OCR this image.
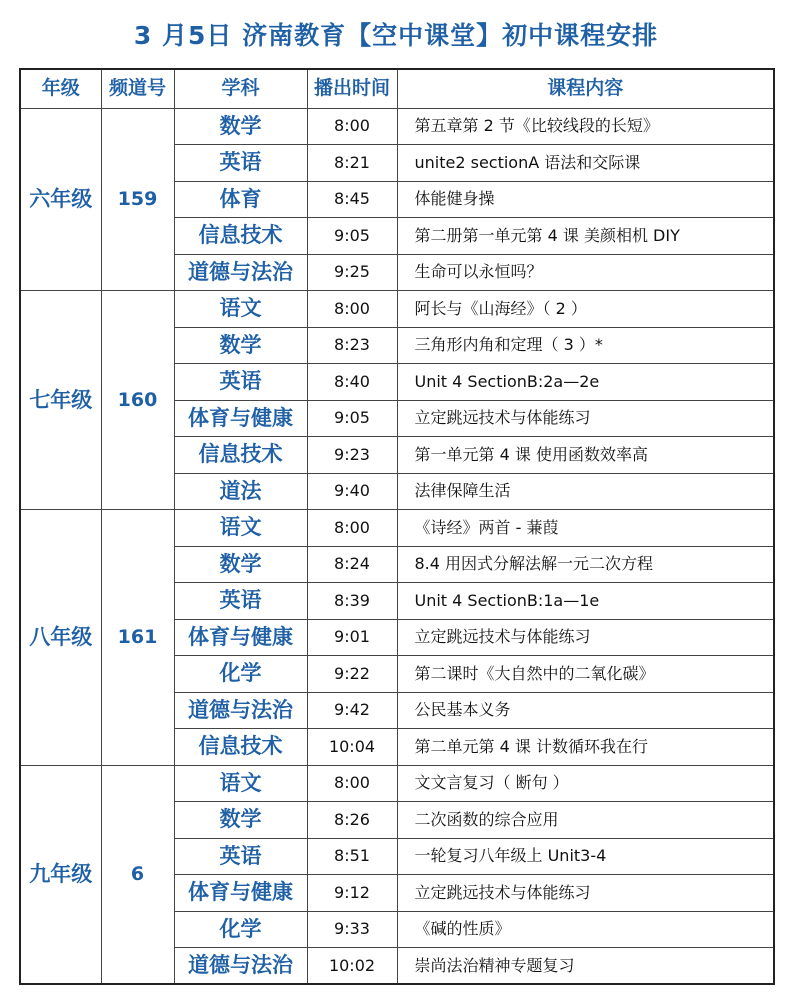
3 月5日 济南教育【空中课堂】初中课程安排
年级	频道号	学科	播出时间	课程内容
六年级	159	数学	8:00	第五章第 2 节《比较线段的长短》
		英语	8:21	unite2 sectionA 语法和交际课
		体育	8:45	体能健身操
		信息技术	9:05	第二册第一单元第 4 课 美颜相机 DIY
		道德与法治	9:25	生命可以永恒吗？
七年级	160	语文	8:00	阿长与《山海经》（ 2 ）
		数学	8:23	三角形内角和定理（ 3 ）*
		英语	8:40	Unit 4 SectionB:2a—2e
		体育与健康	9:05	立定跳远技术与体能练习
		信息技术	9:23	第一单元第 4 课 使用函数效率高
		道法	9:40	法律保障生活
八年级	161	语文	8:00	《诗经》两首 - 蒹葭
		数学	8:24	8.4 用因式分解法解一元二次方程
		英语	8:39	Unit 4 SectionB:1a—1e
		体育与健康	9:01	立定跳远技术与体能练习
		化学	9:22	第二课时《大自然中的二氧化碳》
		道德与法治	9:42	公民基本义务
		信息技术	10:04	第二单元第 4 课 计数循环我在行
九年级	6	语文	8:00	文文言复习（ 断句 ）
		数学	8:26	二次函数的综合应用
		英语	8:51	一轮复习八年级上 Unit3-4
		体育与健康	9:12	立定跳远技术与体能练习
		化学	9:33	《碱的性质》
		道德与法治	10:02	崇尚法治精神专题复习
